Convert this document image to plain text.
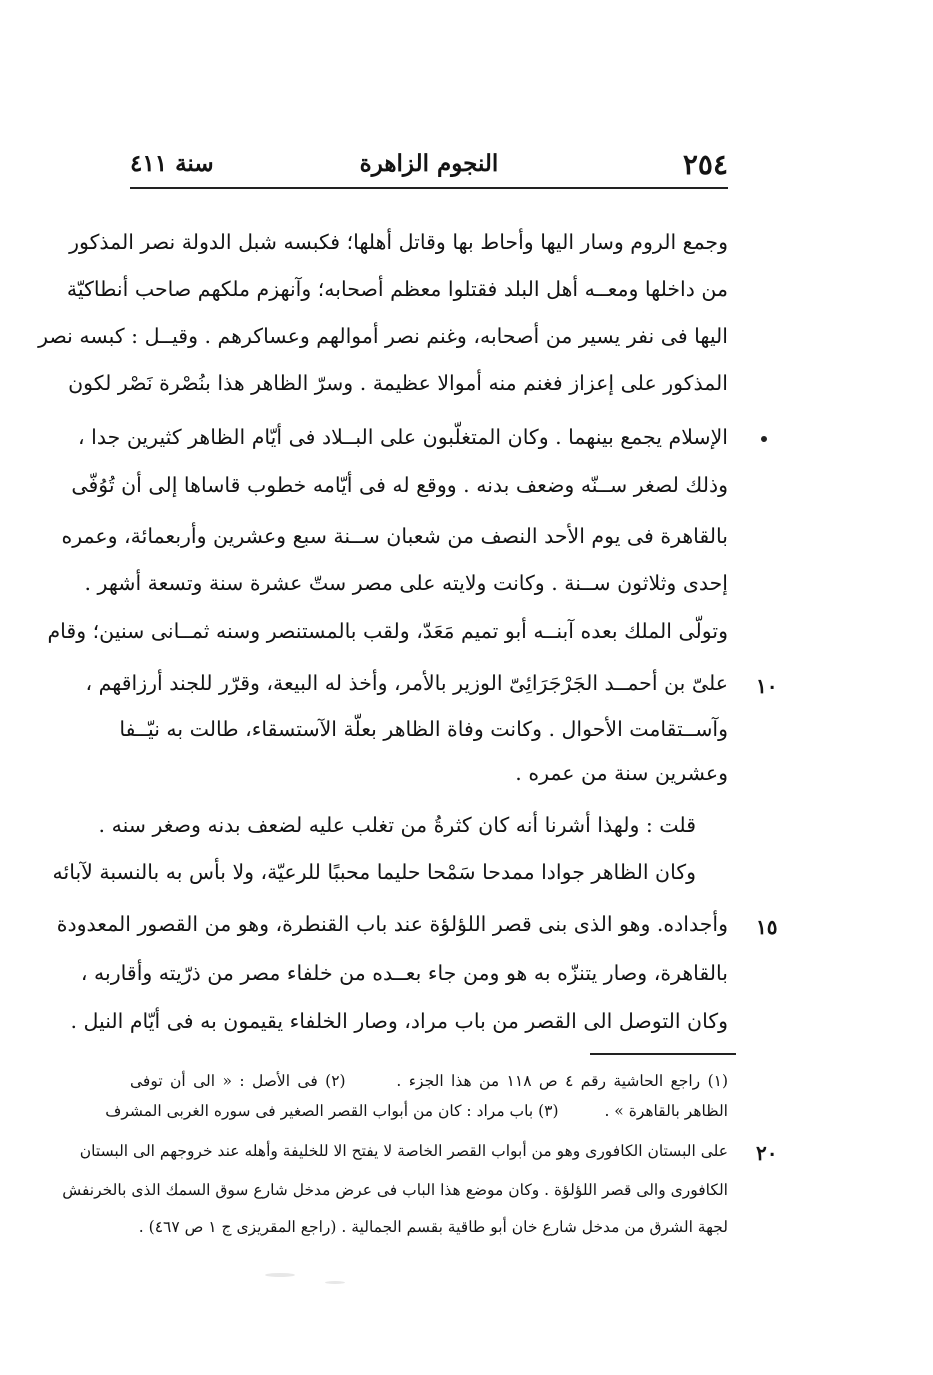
٢٥٤
النجوم الزاهرة
سنة ٤١١
وجمع الروم وسار اليها وأحاط بها وقاتل أهلها؛ فكبسه شبل الدولة نصر المذكور
من داخلها ومعــه أهل البلد فقتلوا معظم أصحابه؛ وآنهزم ملكهم صاحب أنطاكيّة
اليها فى نفر يسير من أصحابه، وغنم نصر أموالهم وعساكرهم . وقيــل : كبسه نصر
المذكور على إعزاز فغنم منه أموالا عظيمة . وسرّ الظاهر هذا بنُصْرة نَصْر لكون
الإسلام يجمع بينهما . وكان المتغلّبون على البــلاد فى أيّام الظاهر كثيرين جدا ،
وذلك لصغر ســنّه وضعف بدنه . ووقع له فى أيّامه خطوب قاساها إلى أن تُوُفّى
بالقاهرة فى يوم الأحد النصف من شعبان ســنة سبع وعشرين وأربعمائة، وعمره
إحدى وثلاثون ســنة . وكانت ولايته على مصر ستّ عشرة سنة وتسعة أشهر .
وتولّى الملك بعده آبنــه أبو تميم مَعَدّ، ولقب بالمستنصر وسنه ثمــانى سنين؛ وقام
علىّ بن أحمــد الجَرْجَرَائِىّ الوزير بالأمر، وأخذ له البيعة، وقرّر للجند أرزاقهم ،
وآســتقامت الأحوال . وكانت وفاة الظاهر بعلّة الآستسقاء، طالت به نيّــفا
وعشرين سنة من عمره .
قلت : ولهذا أشرنا أنه كان كثرةُ من تغلب عليه لضعف بدنه وصغر سنه .
وكان الظاهر جوادا ممدحا سَمْحا حليما محببًا للرعيّة، ولا بأس به بالنسبة لآبائه
وأجداده. وهو الذى بنى قصر اللؤلؤة عند باب القنطرة، وهو من القصور المعدودة
بالقاهرة، وصار يتنزّه به هو ومن جاء بعــده من خلفاء مصر من ذرّيته وأقاربه ،
وكان التوصل الى القصر من باب مراد، وصار الخلفاء يقيمون به فى أيّام النيل .
١٠
١٥
٢٠
(١) راجع الحاشية رقم ٤ ص ١١٨ من هذا الجزء .  (٢) فى الأصل : « الى أن توفى
الظاهر بالقاهرة » .  (٣) باب مراد : كان من أبواب القصر الصغير فى سوره الغربى المشرف
على البستان الكافورى وهو من أبواب القصر الخاصة لا يفتح الا للخليفة وأهله عند خروجهم الى البستان
الكافورى والى قصر اللؤلؤة . وكان موضع هذا الباب فى عرض مدخل شارع سوق السمك الذى بالخرنفش
لجهة الشرق من مدخل شارع خان أبو طاقية بقسم الجمالية . (راجع المقريزى ج ١ ص ٤٦٧) .
